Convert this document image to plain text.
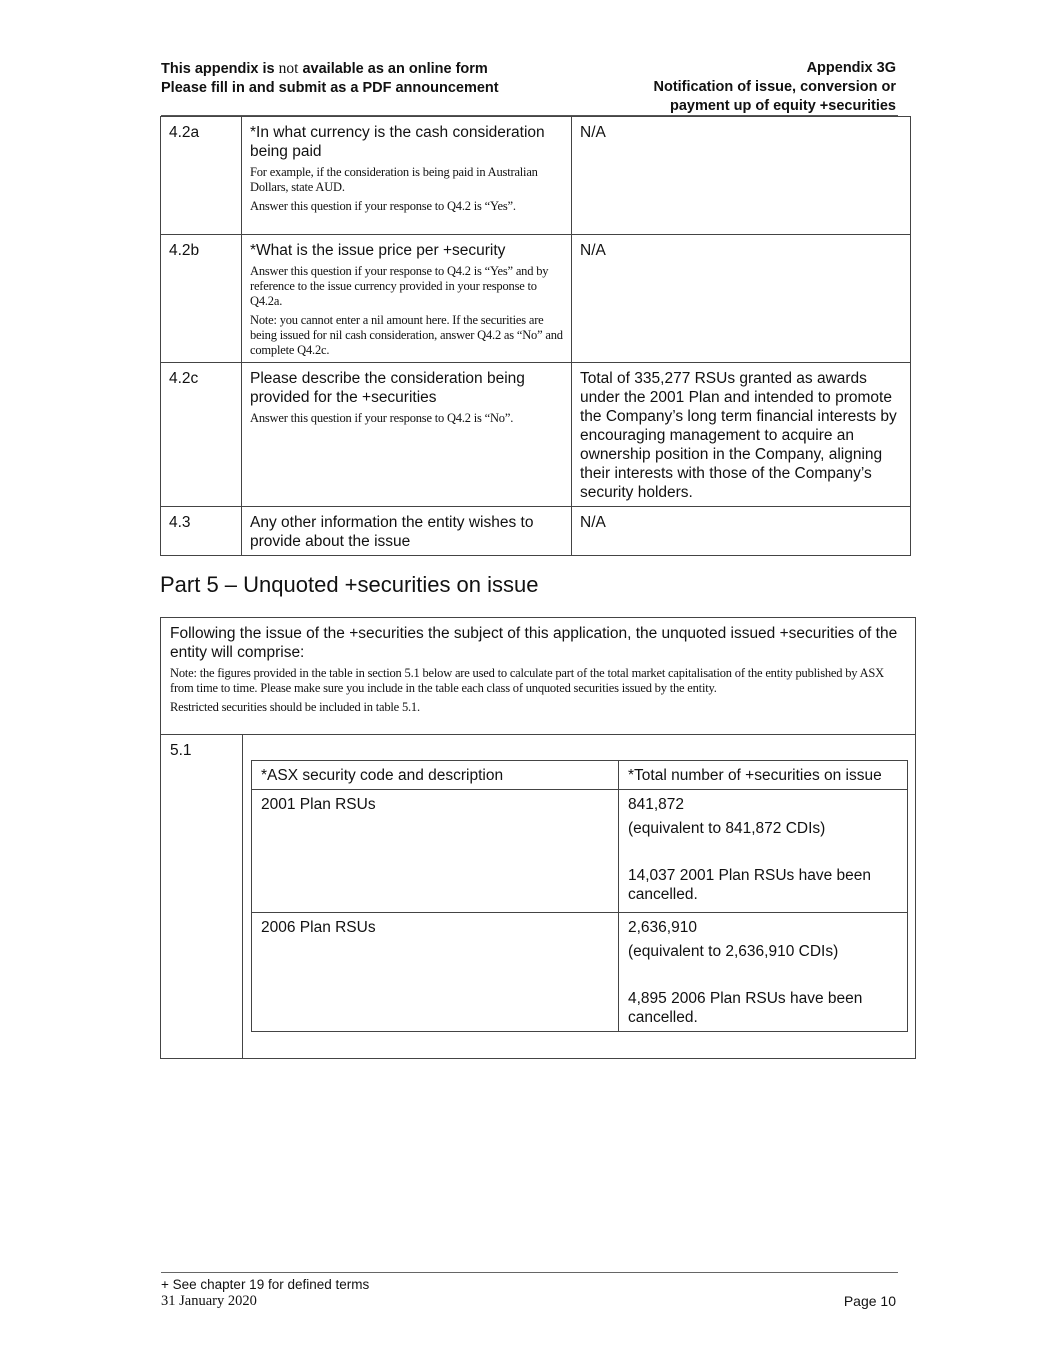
This appendix is not available as an online form
Please fill in and submit as a PDF announcement
Appendix 3G
Notification of issue, conversion or
payment up of equity +securities
4.2a	*In what currency is the cash consideration being paid
For example, if the consideration is being paid in Australian Dollars, state AUD.
Answer this question if your response to Q4.2 is “Yes”.	N/A
4.2b	*What is the issue price per +security
Answer this question if your response to Q4.2 is “Yes” and by reference to the issue currency provided in your response to Q4.2a.
Note: you cannot enter a nil amount here. If the securities are being issued for nil cash consideration, answer Q4.2 as “No” and complete Q4.2c.	N/A
4.2c	Please describe the consideration being provided for the +securities
Answer this question if your response to Q4.2 is “No”.	Total of 335,277 RSUs granted as awards under the 2001 Plan and intended to promote the Company’s long term financial interests by encouraging management to acquire an ownership position in the Company, aligning their interests with those of the Company’s security holders.
4.3	Any other information the entity wishes to provide about the issue	N/A
Part 5 – Unquoted +securities on issue
Following the issue of the +securities the subject of this application, the unquoted issued +securities of the entity will comprise:
Note: the figures provided in the table in section 5.1 below are used to calculate part of the total market capitalisation of the entity published by ASX from time to time. Please make sure you include in the table each class of unquoted securities issued by the entity.
Restricted securities should be included in table 5.1.
5.1
*ASX security code and description	*Total number of +securities on issue
2001 Plan RSUs	841,872
(equivalent to 841,872 CDIs)
14,037 2001 Plan RSUs have been cancelled.

2006 Plan RSUs	2,636,910
(equivalent to 2,636,910 CDIs)
4,895 2006 Plan RSUs have been cancelled.
+ See chapter 19 for defined terms
31 January 2020	Page 10
